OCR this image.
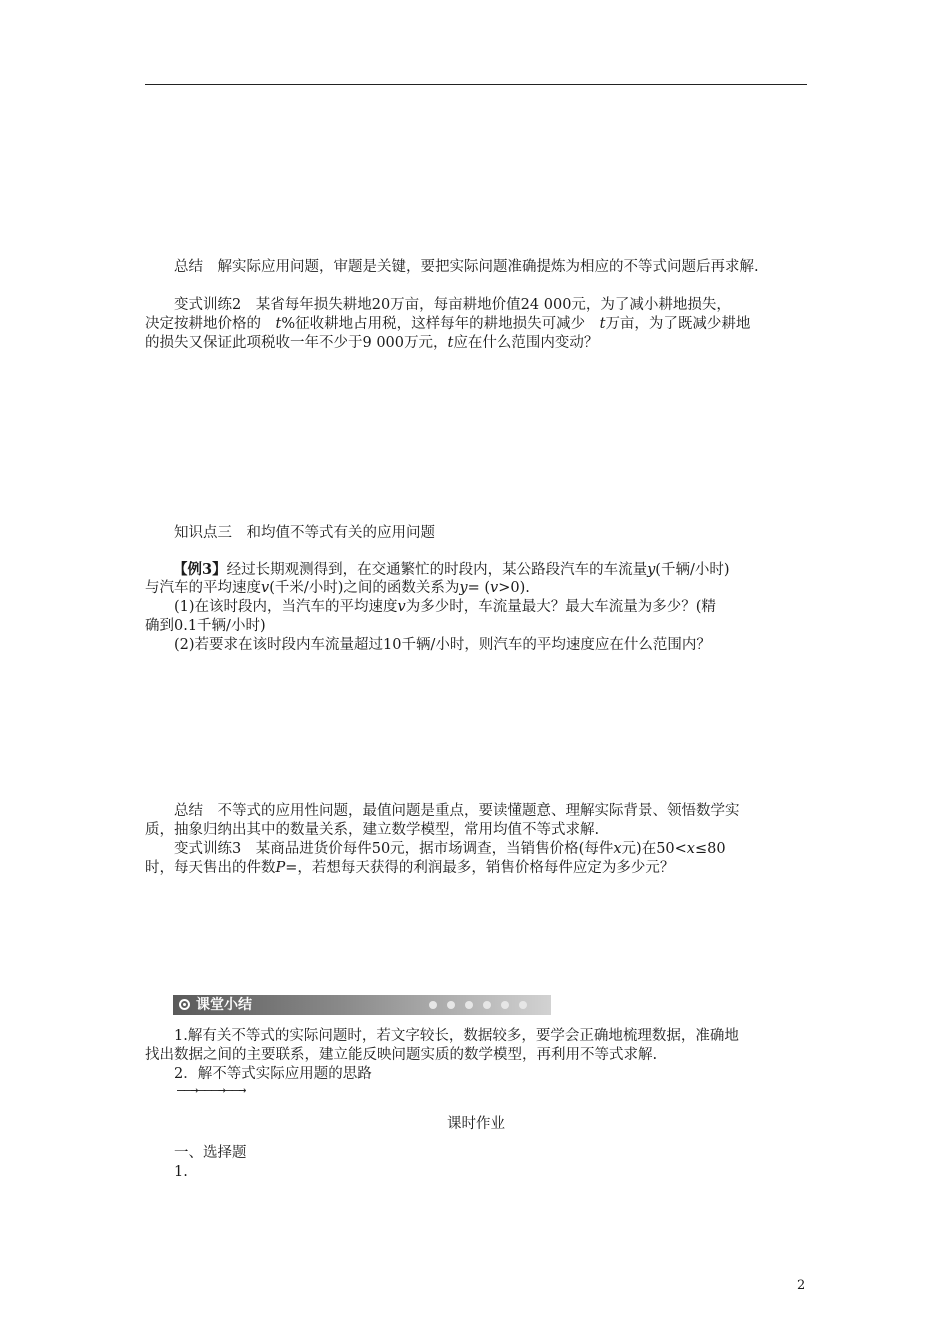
总结　 解实际应用问题，审题是关键，要把实际问题准确提炼为相应的不等式问题后再求解.

变式训练2　 某省每年损失耕地20万亩，每亩耕地价值24 000元，为了减小耕地损失，

决定按耕地价格的　 t%征收耕地占用税，这样每年的耕地损失可减少　 t万亩，为了既减少耕地

的损失又保证此项税收一年不少于9 000万元，t应在什么范围内变动？

知识点三　和均值不等式有关的应用问题

【例3】经过长期观测得到，在交通繁忙的时段内，某公路段汽车的车流量y(千辆/小时)

与汽车的平均速度v(千米/小时)之间的函数关系为y= (v>0).

(1)在该时段内，当汽车的平均速度v为多少时，车流量最大？最大车流量为多少？(精

确到0.1千辆/小时)

(2)若要求在该时段内车流量超过10千辆/小时，则汽车的平均速度应在什么范围内？

总结　 不等式的应用性问题，最值问题是重点，要读懂题意、理解实际背景、领悟数学实

质，抽象归纳出其中的数量关系，建立数学模型，常用均值不等式求解.

变式训练3　 某商品进货价每件50元，据市场调查，当销售价格(每件x元)在50<x≤80

时，每天售出的件数P=，若想每天获得的利润最多，销售价格每件应定为多少元？

课堂小结

1.解有关不等式的实际问题时，若文字较长，数据较多，要学会正确地梳理数据，准确地

找出数据之间的主要联系，建立能反映问题实质的数学模型，再利用不等式求解.

2．解不等式实际应用题的思路

——→———→——→
课时作业

一、选择题

1.

2
